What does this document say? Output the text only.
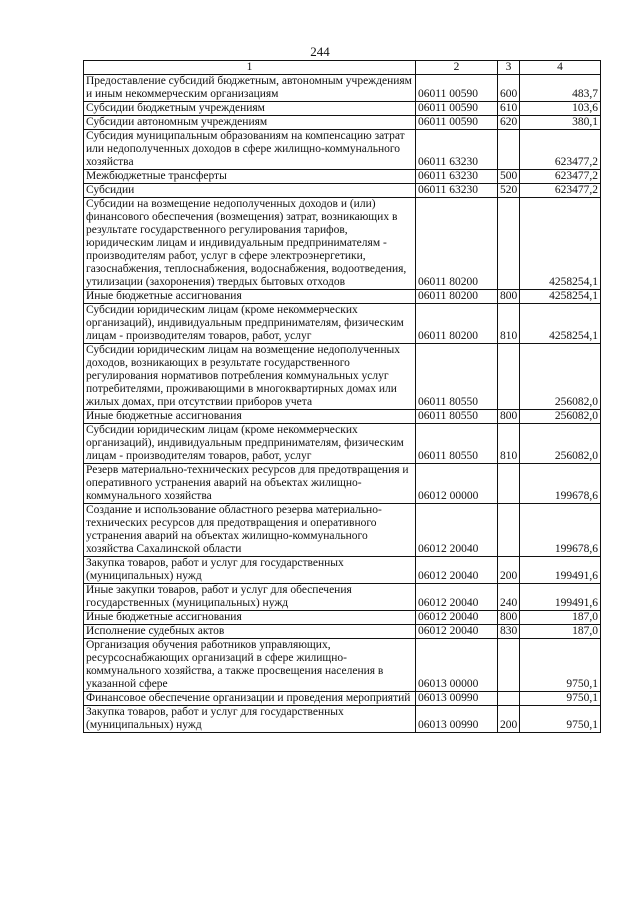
244
1	2	3	4
Предоставление субсидий бюджетным, автономным учреждениям и иным некоммерческим организациям	06011 00590	600	483,7
Субсидии бюджетным учреждениям	06011 00590	610	103,6
Субсидии автономным учреждениям	06011 00590	620	380,1
Субсидия муниципальным образованиям на компенсацию затрат или недополученных доходов в сфере жилищно-коммунального хозяйства	06011 63230		623477,2
Межбюджетные трансферты	06011 63230	500	623477,2
Субсидии	06011 63230	520	623477,2
Субсидии на возмещение недополученных доходов и (или) финансового обеспечения (возмещения) затрат, возникающих в результате государственного регулирования тарифов, юридическим лицам и индивидуальным предпринимателям - производителям работ, услуг в сфере электроэнергетики, газоснабжения, теплоснабжения, водоснабжения, водоотведения, утилизации (захоронения) твердых бытовых отходов	06011 80200		4258254,1
Иные бюджетные ассигнования	06011 80200	800	4258254,1
Субсидии юридическим лицам (кроме некоммерческих организаций), индивидуальным предпринимателям, физическим лицам - производителям товаров, работ, услуг	06011 80200	810	4258254,1
Субсидии юридическим лицам на возмещение недополученных доходов, возникающих в результате государственного регулирования нормативов потребления коммунальных услуг потребителями, проживающими в многоквартирных домах или жилых домах, при отсутствии приборов учета	06011 80550		256082,0
Иные бюджетные ассигнования	06011 80550	800	256082,0
Субсидии юридическим лицам (кроме некоммерческих организаций), индивидуальным предпринимателям, физическим лицам - производителям товаров, работ, услуг	06011 80550	810	256082,0
Резерв материально-технических ресурсов для предотвращения и оперативного устранения аварий на объектах жилищно-коммунального хозяйства	06012 00000		199678,6
Создание и использование областного резерва материально-технических ресурсов для предотвращения и оперативного устранения аварий на объектах жилищно-коммунального хозяйства Сахалинской области	06012 20040		199678,6
Закупка товаров, работ и услуг для государственных (муниципальных) нужд	06012 20040	200	199491,6
Иные закупки товаров, работ и услуг для обеспечения государственных (муниципальных) нужд	06012 20040	240	199491,6
Иные бюджетные ассигнования	06012 20040	800	187,0
Исполнение судебных актов	06012 20040	830	187,0
Организация обучения работников управляющих, ресурсоснабжающих организаций в сфере жилищно-коммунального хозяйства, а также просвещения населения в указанной сфере	06013 00000		9750,1
Финансовое обеспечение организации и проведения мероприятий	06013 00990		9750,1
Закупка товаров, работ и услуг для государственных (муниципальных) нужд	06013 00990	200	9750,1
